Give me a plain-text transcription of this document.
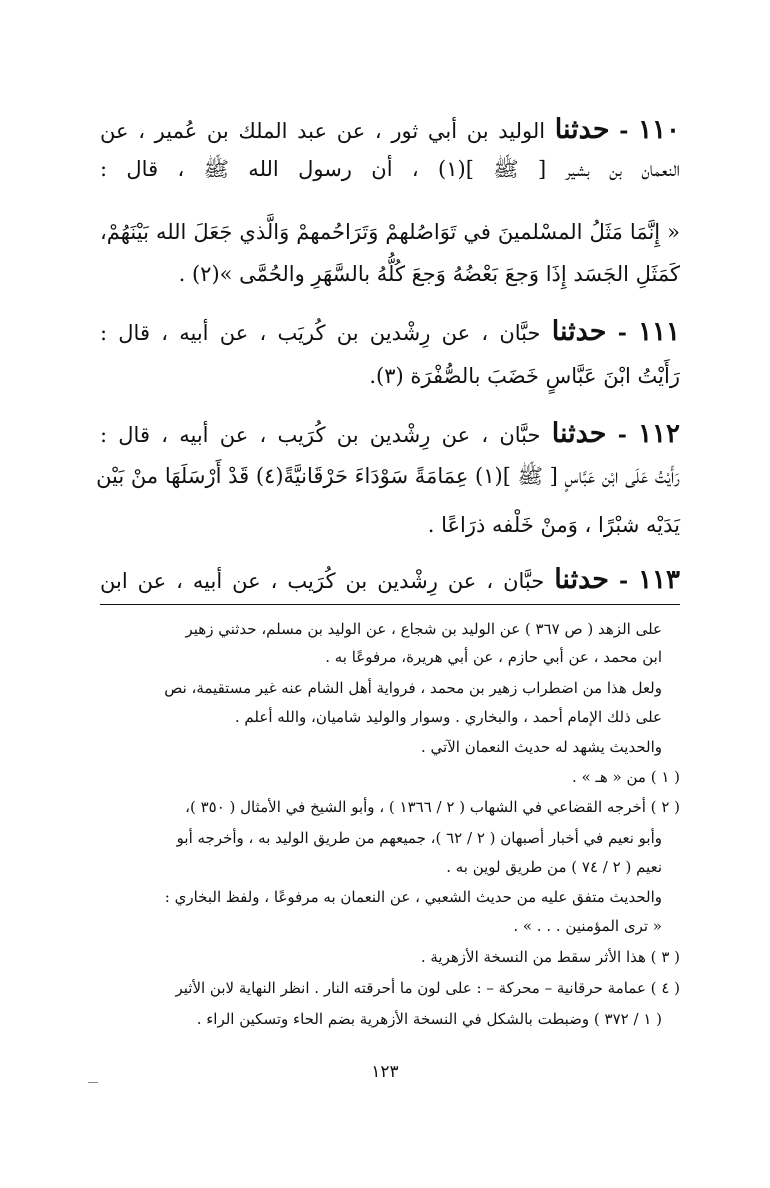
١١٠ - حدثنا الوليد بن أبي ثور ، عن عبد الملك بن عُمير ، عن
النعمان بن بشير [ ﷺ ](١) ، أن رسول الله ﷺ ، قال :
« إِنَّمَا مَثَلُ المسْلمينَ في تَوَاصُلهمْ وَتَرَاحُمهمْ وَالَّذي جَعَلَ الله بَيْنَهُمْ،
كَمَثَلِ الجَسَد إِذَا وَجعَ بَعْضُهُ وَجعَ كُلُّهُ بالسَّهَرِ والحُمَّى »(٢) .
١١١ - حدثنا حبَّان ، عن رِشْدين بن كُريَب ، عن أبيه ، قال :
رَأَيْتُ ابْنَ عَبَّاسٍ خَضَبَ بالصُّفْرَة (٣).
١١٢ - حدثنا حبَّان ، عن رِشْدين بن كُرَيب ، عن أبيه ، قال :
رَأَيْتُ عَلَى ابْن عَبَّاسٍ [ ﷺ ](١) عِمَامَةً سَوْدَاءَ حَرْقَانيَّةً(٤) قَدْ أَرْسَلَهَا منْ بَيْن
يَدَيْه شبْرًا ، وَمنْ خَلْفه ذرَاعًا .
١١٣ - حدثنا حبَّان ، عن رِشْدين بن كُرَيب ، عن أبيه ، عن ابن
على الزهد ( ص ٣٦٧ ) عن الوليد بن شجاع ، عن الوليد بن مسلم، حدثني زهير
ابن محمد ، عن أبي حازم ، عن أبي هريرة، مرفوعًا به .
ولعل هذا من اضطراب زهير بن محمد ، فرواية أهل الشام عنه غير مستقيمة، نص
على ذلك الإمام أحمد ، والبخاري . وسوار والوليد شاميان، والله أعلم .
والحديث يشهد له حديث النعمان الآتي .
( ١ ) من « هـ » .
( ٢ ) أخرجه القضاعي في الشهاب ( ٢ / ١٣٦٦ ) ، وأبو الشيخ في الأمثال ( ٣٥٠ )،
وأبو نعيم في أخبار أصبهان ( ٢ / ٦٢ )، جميعهم من طريق الوليد به ، وأخرجه أبو
نعيم ( ٢ / ٧٤ ) من طريق لوين به .
والحديث متفق عليه من حديث الشعبي ، عن النعمان به مرفوعًا ، ولفظ البخاري :
« ترى المؤمنين . . . » .
( ٣ ) هذا الأثر سقط من النسخة الأزهرية .
( ٤ ) عمامة حرقانية – محركة – : على لون ما أحرقته النار . انظر النهاية لابن الأثير
( ١ / ٣٧٢ ) وضبطت بالشكل في النسخة الأزهرية بضم الحاء وتسكين الراء .
١٢٣
